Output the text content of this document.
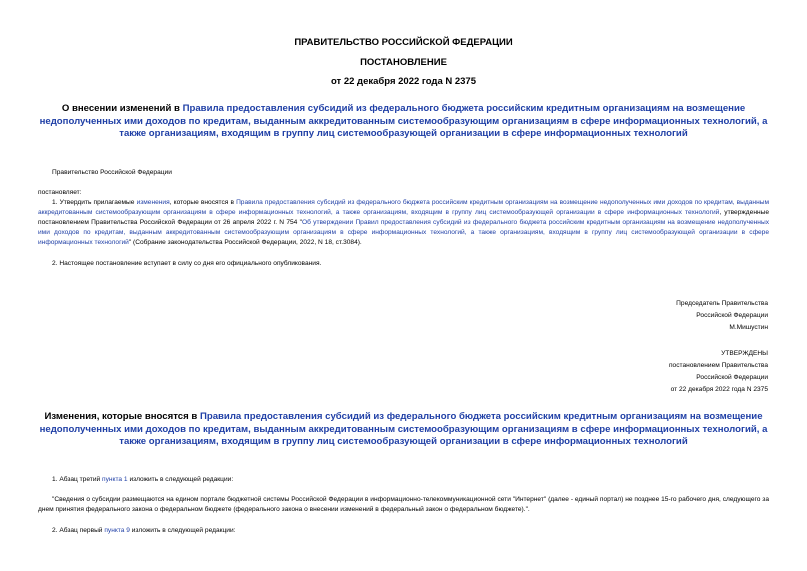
ПРАВИТЕЛЬСТВО РОССИЙСКОЙ ФЕДЕРАЦИИ
ПОСТАНОВЛЕНИЕ
от 22 декабря 2022 года N 2375
О внесении изменений в Правила предоставления субсидий из федерального бюджета российским кредитным организациям на возмещение недополученных ими доходов по кредитам, выданным аккредитованным системообразующим организациям в сфере информационных технологий, а также организациям, входящим в группу лиц системообразующей организации в сфере информационных технологий
Правительство Российской Федерации
постановляет:
1. Утвердить прилагаемые изменения, которые вносятся в Правила предоставления субсидий из федерального бюджета российским кредитным организациям на возмещение недополученных ими доходов по кредитам, выданным аккредитованным системообразующим организациям в сфере информационных технологий, а также организациям, входящим в группу лиц системообразующей организации в сфере информационных технологий, утвержденные постановлением Правительства Российской Федерации от 26 апреля 2022 г. N 754 "Об утверждении Правил предоставления субсидий из федерального бюджета российским кредитным организациям на возмещение недополученных ими доходов по кредитам, выданным аккредитованным системообразующим организациям в сфере информационных технологий, а также организациям, входящим в группу лиц системообразующей организации в сфере информационных технологий" (Собрание законодательства Российской Федерации, 2022, N 18, ст.3084).
2. Настоящее постановление вступает в силу со дня его официального опубликования.
Председатель Правительства
Российской Федерации
М.Мишустин
УТВЕРЖДЕНЫ
постановлением Правительства
Российской Федерации
от 22 декабря 2022 года N 2375
Изменения, которые вносятся в Правила предоставления субсидий из федерального бюджета российским кредитным организациям на возмещение недополученных ими доходов по кредитам, выданным аккредитованным системообразующим организациям в сфере информационных технологий, а также организациям, входящим в группу лиц системообразующей организации в сфере информационных технологий
1. Абзац третий пункта 1 изложить в следующей редакции:
"Сведения о субсидии размещаются на едином портале бюджетной системы Российской Федерации в информационно-телекоммуникационной сети "Интернет" (далее - единый портал) не позднее 15-го рабочего дня, следующего за днем принятия федерального закона о федеральном бюджете (федерального закона о внесении изменений в федеральный закон о федеральном бюджете).".
2. Абзац первый пункта 9 изложить в следующей редакции:
